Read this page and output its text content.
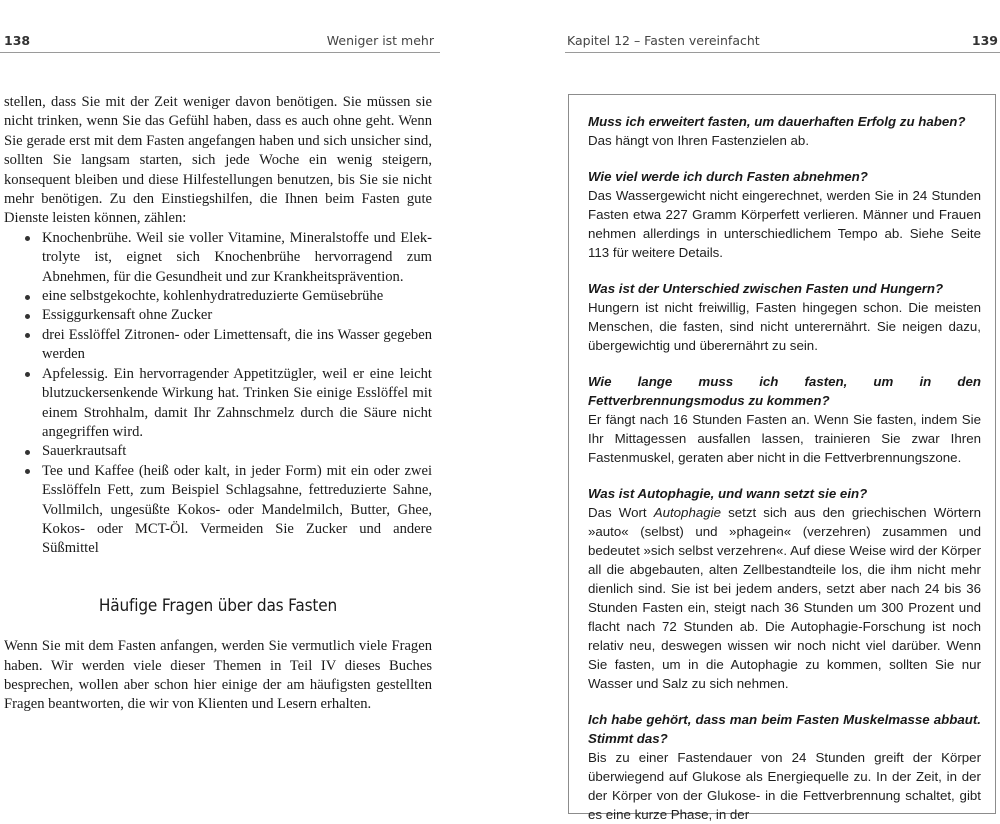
138	Weniger ist mehr

stellen, dass Sie mit der Zeit weniger davon benötigen. Sie müssen sie nicht trinken, wenn Sie das Gefühl haben, dass es auch ohne geht. Wenn Sie gerade erst mit dem Fasten angefangen haben und sich unsicher sind, sollten Sie langsam starten, sich jede Woche ein wenig steigern, konsequent bleiben und diese Hilfestellungen benutzen, bis Sie sie nicht mehr benötigen. Zu den Einstiegshilfen, die Ihnen beim Fasten gute Dienste leisten können, zählen:

Knochenbrühe. Weil sie voller Vitamine, Mineralstoffe und Elektrolyte ist, eignet sich Knochenbrühe hervorragend zum Abnehmen, für die Gesundheit und zur Krankheitsprävention.
eine selbstgekochte, kohlenhydratreduzierte Gemüsebrühe
Essiggurkensaft ohne Zucker
drei Esslöffel Zitronen- oder Limettensaft, die ins Wasser gegeben werden
Apfelessig. Ein hervorragender Appetitzügler, weil er eine leicht blutzuckersenkende Wirkung hat. Trinken Sie einige Esslöffel mit einem Strohhalm, damit Ihr Zahnschmelz durch die Säure nicht angegriffen wird.
Sauerkrautsaft
Tee und Kaffee (heiß oder kalt, in jeder Form) mit ein oder zwei Esslöffeln Fett, zum Beispiel Schlagsahne, fettreduzierte Sahne, Vollmilch, ungesüßte Kokos- oder Mandelmilch, Butter, Ghee, Kokos- oder MCT-Öl. Vermeiden Sie Zucker und andere Süßmittel
Häufige Fragen über das Fasten

Wenn Sie mit dem Fasten anfangen, werden Sie vermutlich viele Fragen haben. Wir werden viele dieser Themen in Teil IV dieses Buches besprechen, wollen aber schon hier einige der am häufigsten gestellten Fragen beantworten, die wir von Klienten und Lesern erhalten.

Kapitel 12 – Fasten vereinfacht	139

Muss ich erweitert fasten, um dauerhaften Erfolg zu haben?

Das hängt von Ihren Fastenzielen ab.

Wie viel werde ich durch Fasten abnehmen?

Das Wassergewicht nicht eingerechnet, werden Sie in 24 Stunden Fasten etwa 227 Gramm Körperfett verlieren. Männer und Frauen nehmen allerdings in unterschiedlichem Tempo ab. Siehe Seite 113 für weitere Details.

Was ist der Unterschied zwischen Fasten und Hungern?

Hungern ist nicht freiwillig, Fasten hingegen schon. Die meisten Menschen, die fasten, sind nicht unterernährt. Sie neigen dazu, übergewichtig und überernährt zu sein.

Wie lange muss ich fasten, um in den Fettverbrennungsmodus zu kommen?

Er fängt nach 16 Stunden Fasten an. Wenn Sie fasten, indem Sie Ihr Mittagessen ausfallen lassen, trainieren Sie zwar Ihren Fastenmuskel, geraten aber nicht in die Fettverbrennungszone.

Was ist Autophagie, und wann setzt sie ein?

Das Wort Autophagie setzt sich aus den griechischen Wörtern »auto« (selbst) und »phagein« (verzehren) zusammen und bedeutet »sich selbst verzehren«. Auf diese Weise wird der Körper all die abgebauten, alten Zellbestandteile los, die ihm nicht mehr dienlich sind. Sie ist bei jedem anders, setzt aber nach 24 bis 36 Stunden Fasten ein, steigt nach 36 Stunden um 300 Prozent und flacht nach 72 Stunden ab. Die Autophagie-Forschung ist noch relativ neu, deswegen wissen wir noch nicht viel darüber. Wenn Sie fasten, um in die Autophagie zu kommen, sollten Sie nur Wasser und Salz zu sich nehmen.

Ich habe gehört, dass man beim Fasten Muskelmasse abbaut. Stimmt das?

Bis zu einer Fastendauer von 24 Stunden greift der Körper überwiegend auf Glukose als Energiequelle zu. In der Zeit, in der der Körper von der Glukose- in die Fettverbrennung schaltet, gibt es eine kurze Phase, in der
